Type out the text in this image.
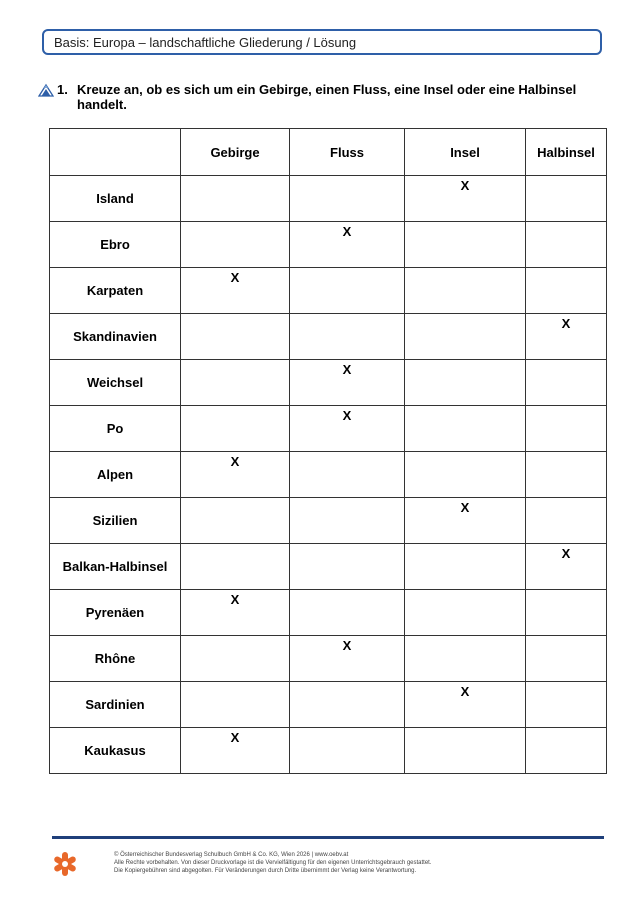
Basis: Europa – landschaftliche Gliederung / Lösung
1. Kreuze an, ob es sich um ein Gebirge, einen Fluss, eine Insel oder eine Halbinsel handelt.
	Gebirge	Fluss	Insel	Halbinsel
Island			X	

Ebro		X		

Karpaten	X			

Skandinavien				X

Weichsel		X		

Po		X		

Alpen	X			

Sizilien			X	

Balkan-Halbinsel				X

Pyrenäen	X			

Rhône		X		

Sardinien			X	

Kaukasus	X			

© Österreichischer Bundesverlag Schulbuch GmbH & Co. KG, Wien 2026 | www.oebv.at
Alle Rechte vorbehalten. Von dieser Druckvorlage ist die Vervielfältigung für den eigenen Unterrichtsgebrauch gestattet.
Die Kopiergebühren sind abgegolten. Für Veränderungen durch Dritte übernimmt der Verlag keine Verantwortung.
